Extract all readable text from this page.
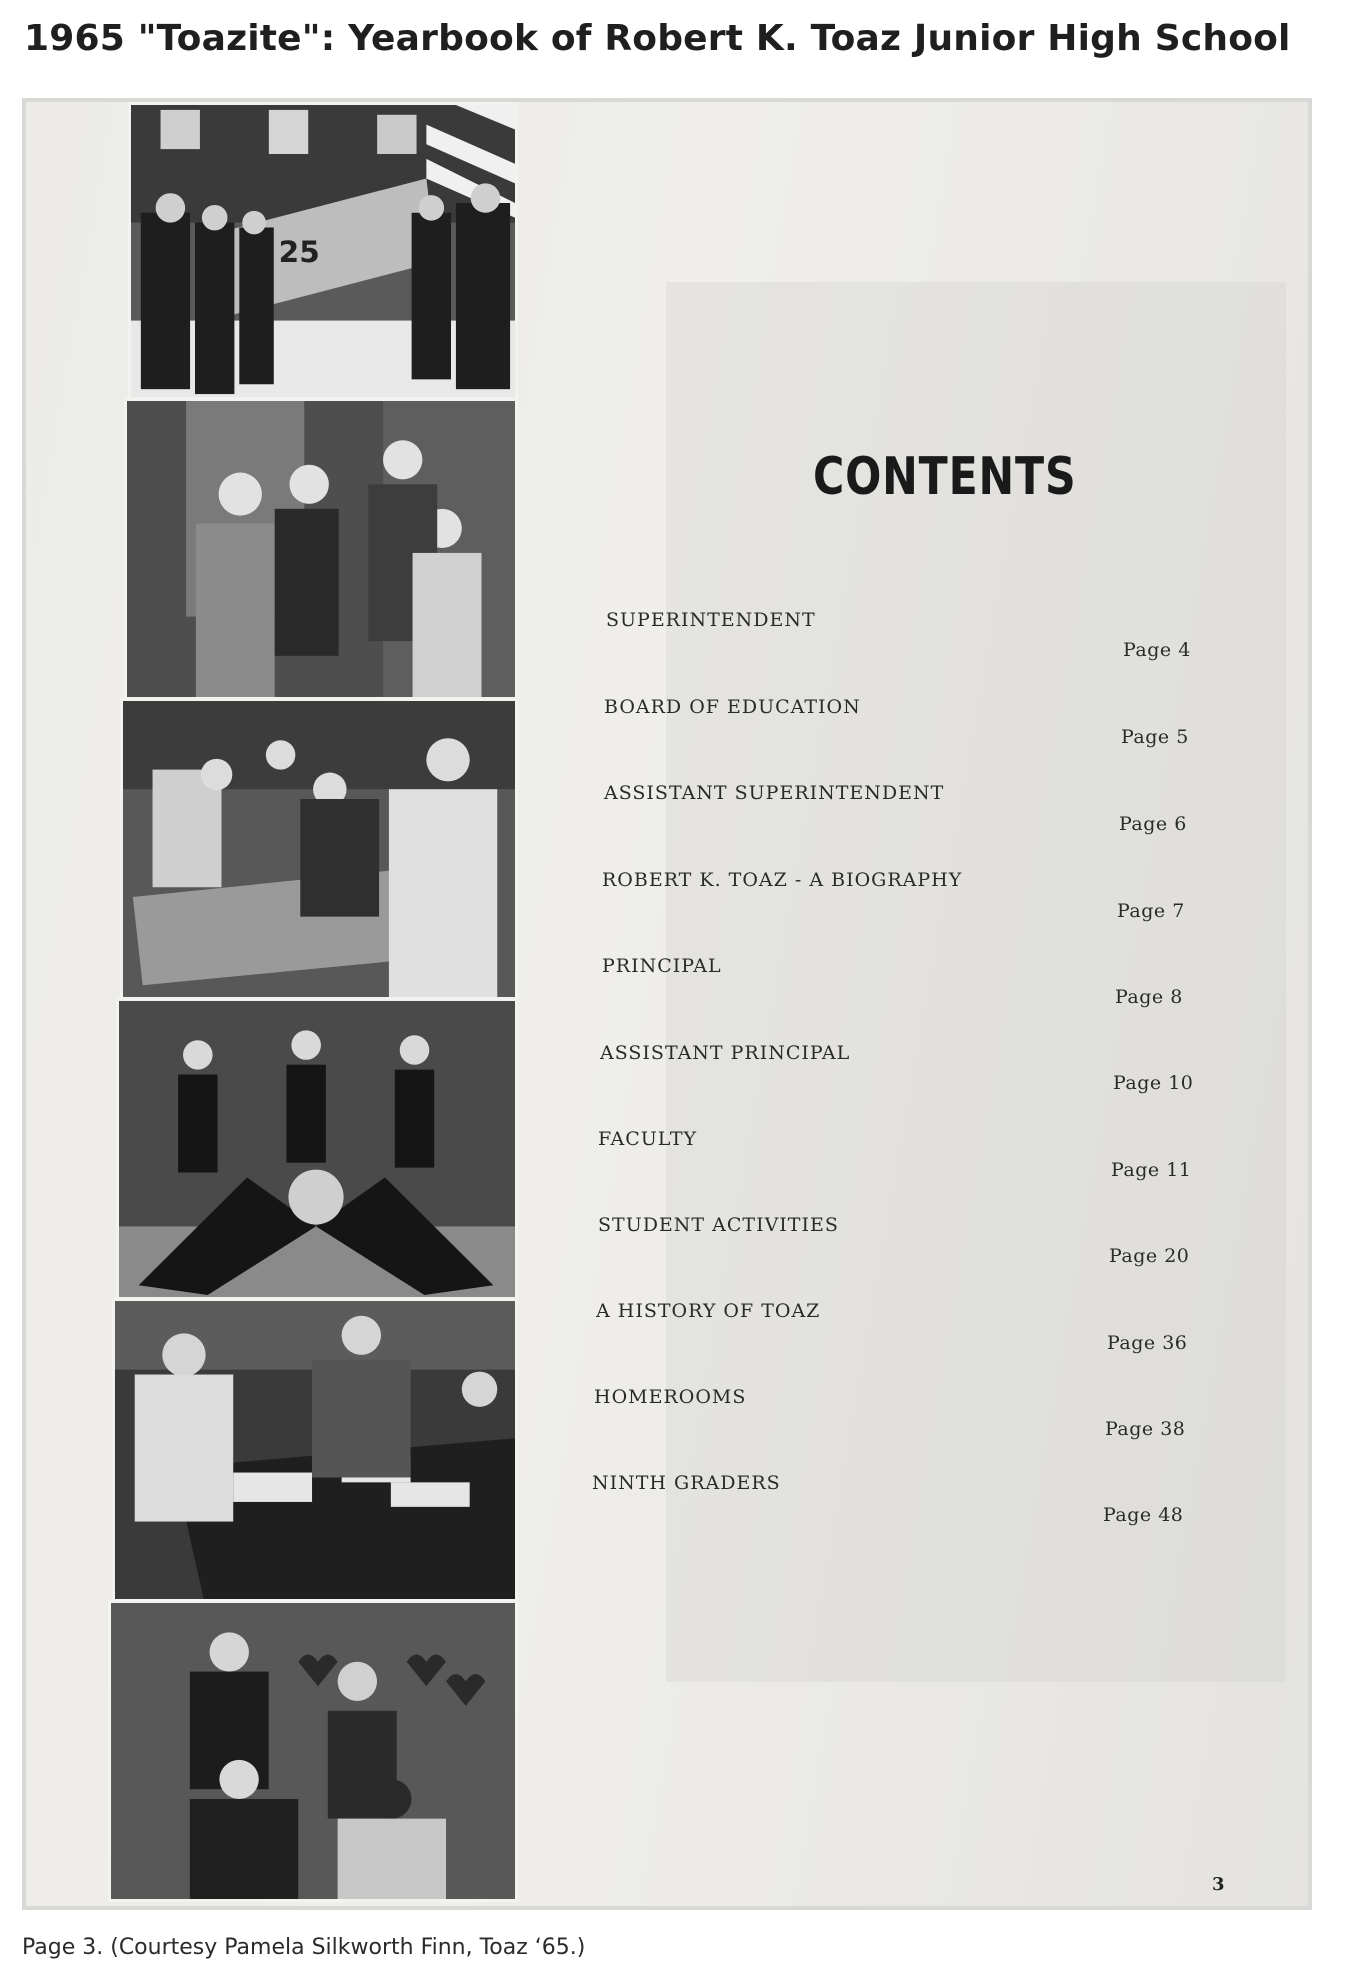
1965 "Toazite": Yearbook of Robert K. Toaz Junior High School
25
CONTENTS
SUPERINTENDENT
Page 4
BOARD OF EDUCATION
Page 5
ASSISTANT SUPERINTENDENT
Page 6
ROBERT K. TOAZ - A BIOGRAPHY
Page 7
PRINCIPAL
Page 8
ASSISTANT PRINCIPAL
Page 10
FACULTY
Page 11
STUDENT ACTIVITIES
Page 20
A HISTORY OF TOAZ
Page 36
HOMEROOMS
Page 38
NINTH GRADERS
Page 48
3
Page 3. (Courtesy Pamela Silkworth Finn, Toaz ‘65.)
